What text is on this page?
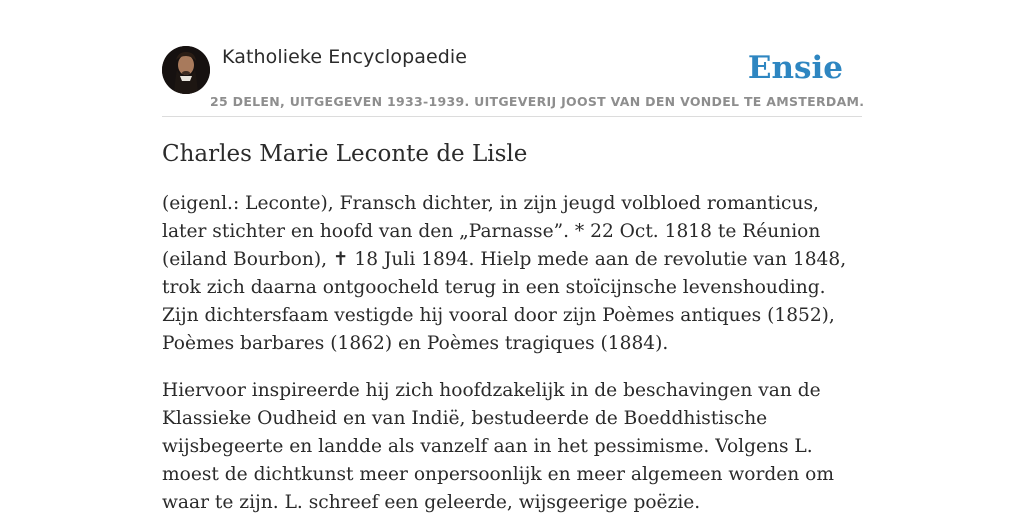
Katholieke Encyclopaedie
25 DELEN, UITGEGEVEN 1933-1939. UITGEVERIJ JOOST VAN DEN VONDEL TE AMSTERDAM.
Ensie
Charles Marie Leconte de Lisle

(eigenl.: Leconte), Fransch dichter, in zijn jeugd volbloed romanticus, later stichter en hoofd van den „Parnasse”. * 22 Oct. 1818 te Réunion (eiland Bourbon), ✝ 18 Juli 1894. Hielp mede aan de revolutie van 1848, trok zich daarna ontgoocheld terug in een stoïcijnsche levenshouding. Zijn dichtersfaam vestigde hij vooral door zijn Poèmes antiques (1852), Poèmes barbares (1862) en Poèmes tragiques (1884).

Hiervoor inspireerde hij zich hoofdzakelijk in de beschavingen van de Klassieke Oudheid en van Indië, bestudeerde de Boeddhistische wijsbegeerte en landde als vanzelf aan in het pessimisme. Volgens L. moest de dichtkunst meer onpersoonlijk en meer algemeen worden om waar te zijn. L. schreef een geleerde, wijsgeerige poëzie.
